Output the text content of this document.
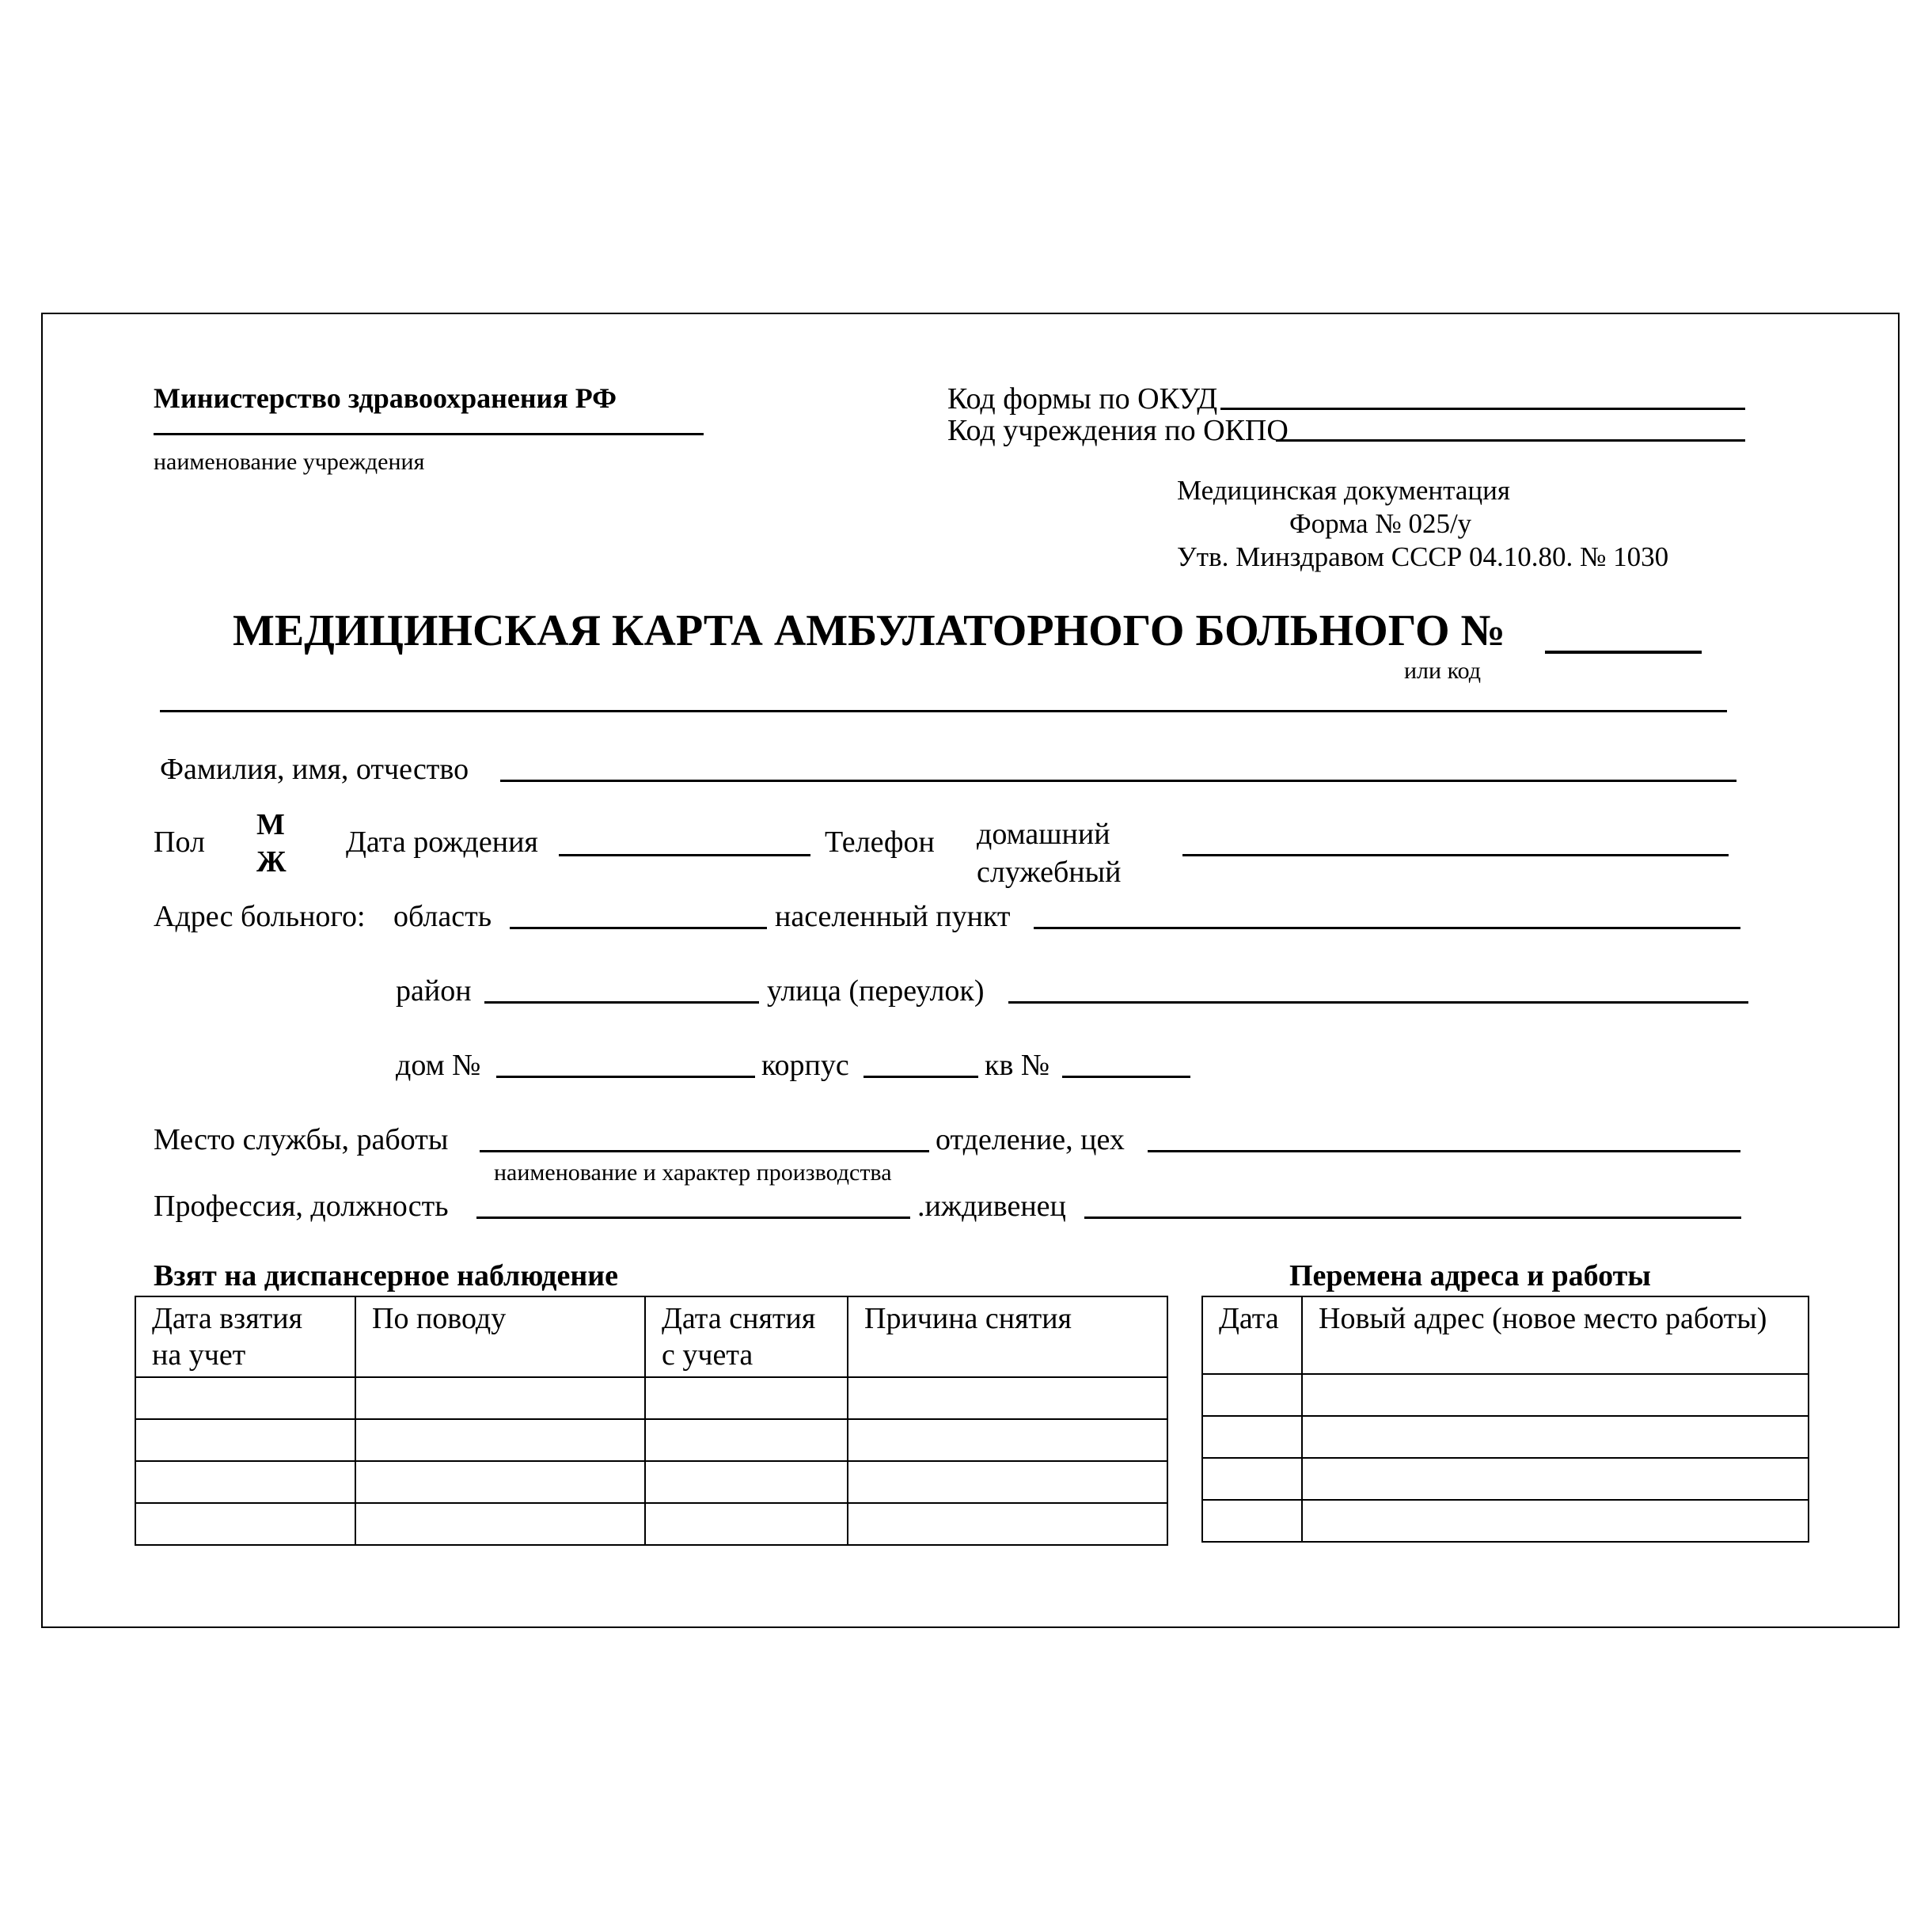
Министерство здравоохранения РФ
наименование учреждения
Код формы по ОКУД
Код учреждения по ОКПО
Медицинская документация
Форма № 025/у
Утв. Минздравом СССР 04.10.80. № 1030
МЕДИЦИНСКАЯ КАРТА АМБУЛАТОРНОГО БОЛЬНОГО №
или код
Фамилия, имя, отчество
Пол
М
Ж
Дата рождения	Телефон домашний
служебный
Адрес больного: область	населенный пункт
район	улица (переулок)
дом №	корпус	кв №
Место службы, работы
наименование и характер производства
отделение, цех
Профессия, должность	.иждивенец
Взят на диспансерное наблюдение	Перемена адреса и работы
Дата взятия на учет	По поводу	Дата снятия с учета	Причина снятия

				Дата	Новый адрес (новое место работы)
